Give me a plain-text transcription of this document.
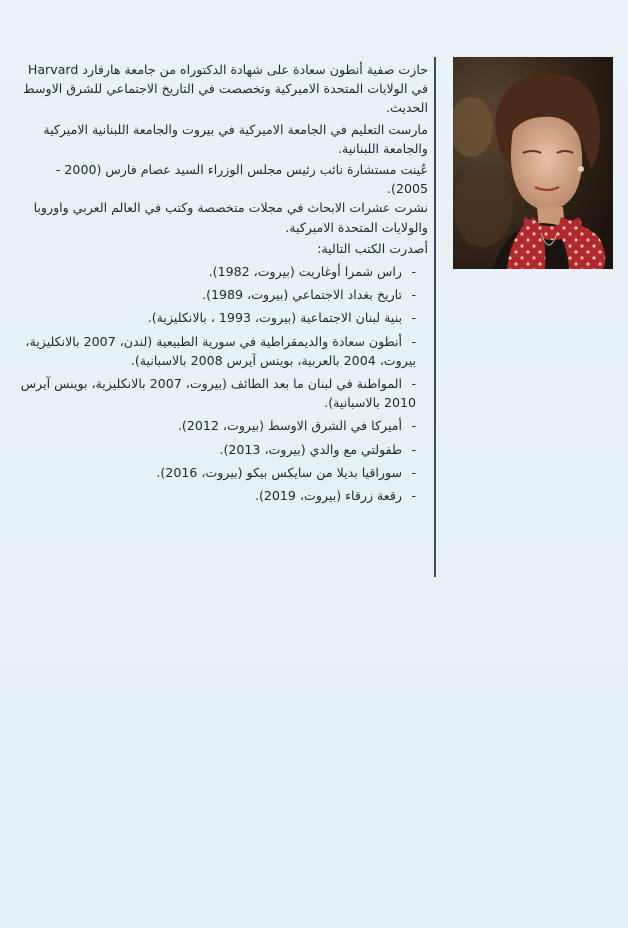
حازت صفية أنطون سعادة على شهادة الدكتوراه من جامعة هارفارد Harvard في الولايات المتحدة الاميركية وتخصصت في التاريخ الاجتماعي للشرق الاوسط الحديث.

مارست التعليم في الجامعة الاميركية في بيروت والجامعة اللبنانية الاميركية والجامعة اللبنانية.

عُينت مستشارة نائب رئيس مجلس الوزراء السيد عصام فارس (2000 - 2005).

نشرت عشرات الابحاث في مجلات متخصصة وكتب في العالم العربي واوروبا والولايات المتحدة الاميركية.

أصدرت الكتب التالية:

-راس شمرا أوغاريت (بيروت، 1982).
-تاريخ بغداد الاجتماعي (بيروت، 1989).
-بنية لبنان الاجتماعية (بيروت، 1993 ، بالانكليزية).
-أنطون سعادة والديمقراطية في سورية الطبيعية (لندن، 2007 بالانكليزية، بيروت، 2004 بالعربية، بوينس آيرس 2008 بالاسبانية).
-المواطنة في لبنان ما بعد الطائف (بيروت، 2007 بالانكليزية، بوينس آيرس 2010 بالاسبانية).
-أميركا في الشرق الاوسط (بيروت، 2012).
-طفولتي مع والدي (بيروت، 2013).
-سوراقيا بديلا من سايكس بيكو (بيروت، 2016).
-رقعة زرقاء (بيروت، 2019).
